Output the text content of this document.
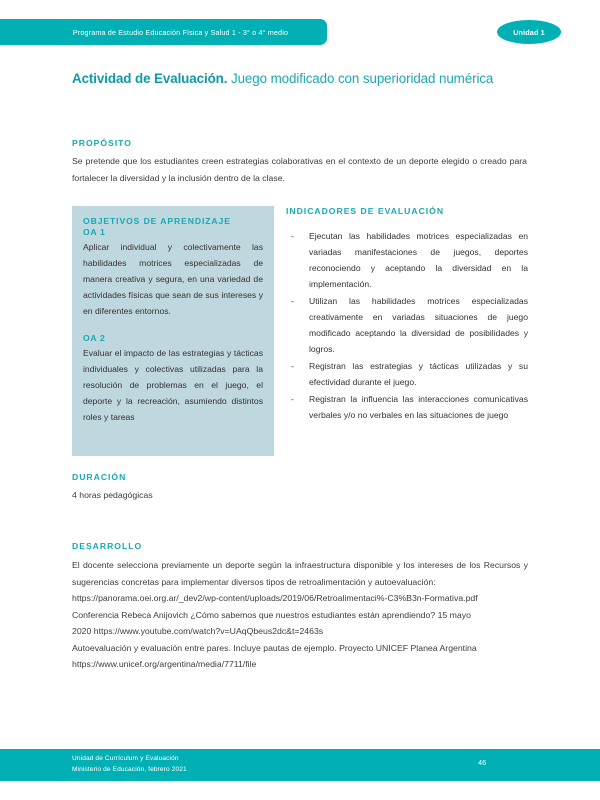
Programa de Estudio Educación Física y Salud 1 - 3° o 4° medio	Unidad 1
Actividad de Evaluación. Juego modificado con superioridad numérica
PROPÓSITO

Se pretende que los estudiantes creen estrategias colaborativas en el contexto de un deporte elegido o creado para fortalecer la diversidad y la inclusión dentro de la clase.

OBJETIVOS DE APRENDIZAJE
OA 1

Aplicar individual y colectivamente las habilidades motrices especializadas de manera creativa y segura, en una variedad de actividades físicas que sean de sus intereses y en diferentes entornos.

OA 2

Evaluar el impacto de las estrategias y tácticas individuales y colectivas utilizadas para la resolución de problemas en el juego, el deporte y la recreación, asumiendo distintos roles y tareas

INDICADORES DE EVALUACIÓN
- Ejecutan las habilidades motrices especializadas en variadas manifestaciones de juegos, deportes reconociendo y aceptando la diversidad en la implementación.
- Utilizan las habilidades motrices especializadas creativamente en variadas situaciones de juego modificado aceptando la diversidad de posibilidades y logros.
- Registran las estrategias y tácticas utilizadas y su efectividad durante el juego.
- Registran la influencia las interacciones comunicativas verbales y/o no verbales en las situaciones de juego
DURACIÓN

4 horas pedagógicas

DESARROLLO

El docente selecciona previamente un deporte según la infraestructura disponible y los intereses de los Recursos y sugerencias concretas para implementar diversos tipos de retroalimentación y autoevaluación:

https://panorama.oei.org.ar/_dev2/wp-content/uploads/2019/06/Retroalimentaci%-C3%B3n-Formativa.pdf

Conferencia Rebeca Anijovich ¿Cómo sabemos que nuestros estudiantes están aprendiendo? 15 mayo

2020 https://www.youtube.com/watch?v=UAqQbeus2dc&t=2463s

Autoevaluación y evaluación entre pares. Incluye pautas de ejemplo. Proyecto UNICEF Planea Argentina

https://www.unicef.org/argentina/media/7711/file

Unidad de Currículum y Evaluación
Ministerio de Educación, febrero 2021
46
